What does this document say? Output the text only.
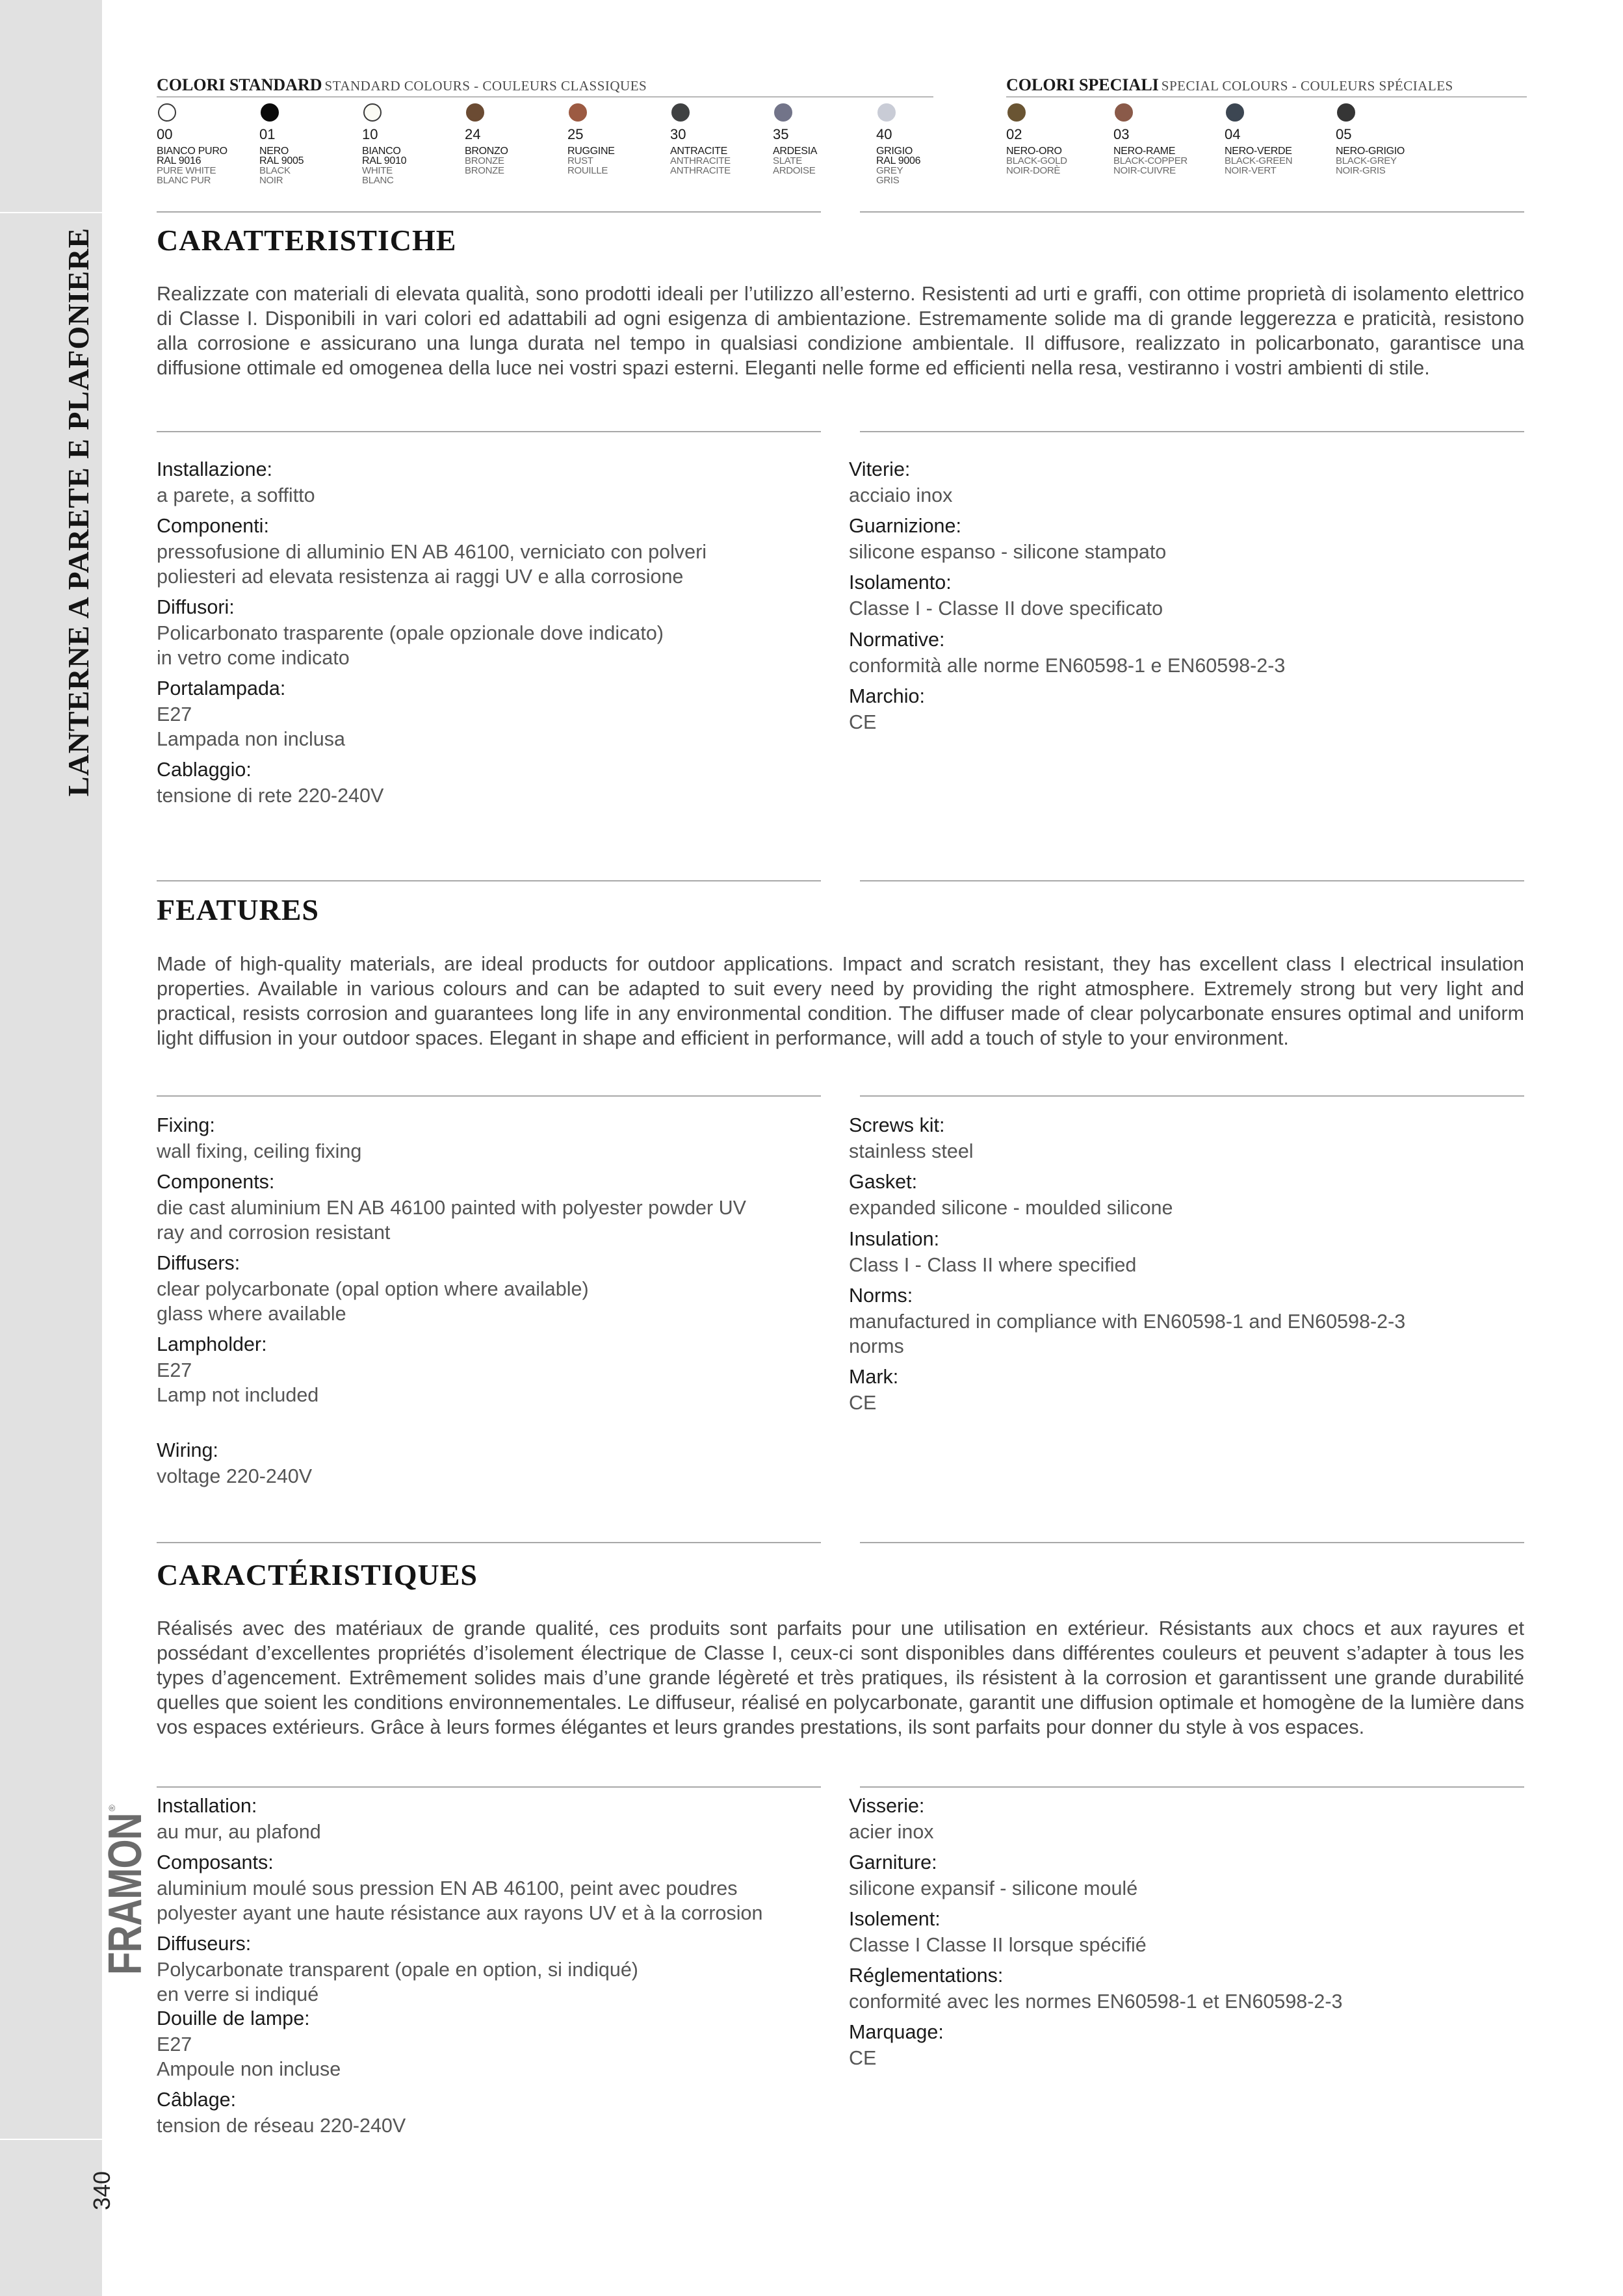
LANTERNE A PARETE E PLAFONIERE
FRAMON
®
340
COLORI STANDARD STANDARD COLOURS - COULEURS CLASSIQUES	COLORI SPECIALI SPECIAL COLOURS - COULEURS SPÉCIALES
00
BIANCO PURO
RAL 9016
PURE WHITE
BLANC PUR
01
NERO
RAL 9005
BLACK
NOIR
10
BIANCO
RAL 9010
WHITE
BLANC
24
BRONZO
BRONZE
BRONZE
25
RUGGINE
RUST
ROUILLE
30
ANTRACITE
ANTHRACITE
ANTHRACITE
35
ARDESIA
SLATE
ARDOISE
40
GRIGIO
RAL 9006
GREY
GRIS
02
NERO-ORO
BLACK-GOLD
NOIR-DORÈ
03
NERO-RAME
BLACK-COPPER
NOIR-CUIVRE
04
NERO-VERDE
BLACK-GREEN
NOIR-VERT
05
NERO-GRIGIO
BLACK-GREY
NOIR-GRIS
CARATTERISTICHE
Realizzate con materiali di elevata qualità, sono prodotti ideali per l’utilizzo all’esterno. Resistenti ad urti e graffi, con ottime proprietà di isolamento elettrico di Classe I. Disponibili in vari colori ed adattabili ad ogni esigenza di ambientazione. Estremamente solide ma di grande leggerezza e praticità, resistono alla corrosione e assicurano una lunga durata nel tempo in qualsiasi condizione ambientale. Il diffusore, realizzato in policarbonato, garantisce una diffusione ottimale ed omogenea della luce nei vostri spazi esterni. Eleganti nelle forme ed efficienti nella resa, vestiranno i vostri ambienti di stile.
Installazione:
a parete, a soffitto
Componenti:
pressofusione di alluminio EN AB 46100, verniciato con polveri
poliesteri ad elevata resistenza ai raggi UV e alla corrosione
Diffusori:
Policarbonato trasparente (opale opzionale dove indicato)
in vetro come indicato
Portalampada:
E27
Lampada non inclusa
Cablaggio:
tensione di rete 220-240V
Viterie:
acciaio inox
Guarnizione:
silicone espanso - silicone stampato
Isolamento:
Classe I - Classe II dove specificato
Normative:
conformità alle norme EN60598-1 e EN60598-2-3
Marchio:
CE
FEATURES
Made of high-quality materials, are ideal products for outdoor applications. Impact and scratch resistant, they has excellent class I electrical insulation properties. Available in various colours and can be adapted to suit every need by providing the right atmosphere. Extremely strong but very light and practical, resists corrosion and guarantees long life in any environmental condition. The diffuser made of clear polycarbonate ensures optimal and uniform light diffusion in your outdoor spaces. Elegant in shape and efficient in performance, will add a touch of style to your environment.
Fixing:
wall fixing, ceiling fixing
Components:
die cast aluminium EN AB 46100 painted with polyester powder UV
ray and corrosion resistant
Diffusers:
clear polycarbonate (opal option where available)
glass where available
Lampholder:
E27
Lamp not included
Wiring:
voltage 220-240V
Screws kit:
stainless steel
Gasket:
expanded silicone - moulded silicone
Insulation:
Class I - Class II where specified
Norms:
manufactured in compliance with EN60598-1 and EN60598-2-3
norms
Mark:
CE
CARACTÉRISTIQUES
Réalisés avec des matériaux de grande qualité, ces produits sont parfaits pour une utilisation en extérieur. Résistants aux chocs et aux rayures et possédant d’excellentes propriétés d’isolement électrique de Classe I, ceux-ci sont disponibles dans différentes couleurs et peuvent s’adapter à tous les types d’agencement. Extrêmement solides mais d’une grande légèreté et très pratiques, ils résistent à la corrosion et garantissent une grande durabilité quelles que soient les conditions environnementales. Le diffuseur, réalisé en polycarbonate, garantit une diffusion optimale et homogène de la lumière dans vos espaces extérieurs. Grâce à leurs formes élégantes et leurs grandes prestations, ils sont parfaits pour donner du style à vos espaces.
Installation:
au mur, au plafond
Composants:
aluminium moulé sous pression EN AB 46100, peint avec poudres
polyester ayant une haute résistance aux rayons UV et à la corrosion
Diffuseurs:
Polycarbonate transparent (opale en option, si indiqué)
en verre si indiqué
Douille de lampe:
E27
Ampoule non incluse
Câblage:
tension de réseau 220-240V
Visserie:
acier inox
Garniture:
silicone expansif - silicone moulé
Isolement:
Classe I Classe II lorsque spécifié
Réglementations:
conformité avec les normes EN60598-1 et EN60598-2-3
Marquage:
CE
